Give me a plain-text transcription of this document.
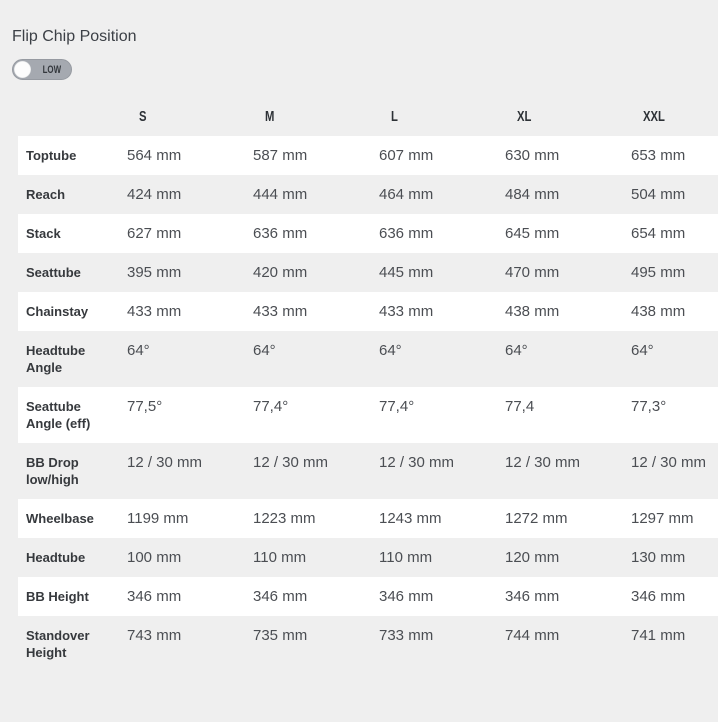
Flip Chip Position
LOW
	S	M	L	XL	XXL
Toptube	564 mm	587 mm	607 mm	630 mm	653 mm
Reach	424 mm	444 mm	464 mm	484 mm	504 mm
Stack	627 mm	636 mm	636 mm	645 mm	654 mm
Seattube	395 mm	420 mm	445 mm	470 mm	495 mm
Chainstay	433 mm	433 mm	433 mm	438 mm	438 mm
Headtube Angle	64°	64°	64°	64°	64°
Seattube Angle (eff)	77,5°	77,4°	77,4°	77,4	77,3°
BB Drop low/high	12 / 30 mm	12 / 30 mm	12 / 30 mm	12 / 30 mm	12 / 30 mm
Wheelbase	1199 mm	1223 mm	1243 mm	1272 mm	1297 mm
Headtube	100 mm	110 mm	110 mm	120 mm	130 mm
BB Height	346 mm	346 mm	346 mm	346 mm	346 mm
Standover Height	743 mm	735 mm	733 mm	744 mm	741 mm
